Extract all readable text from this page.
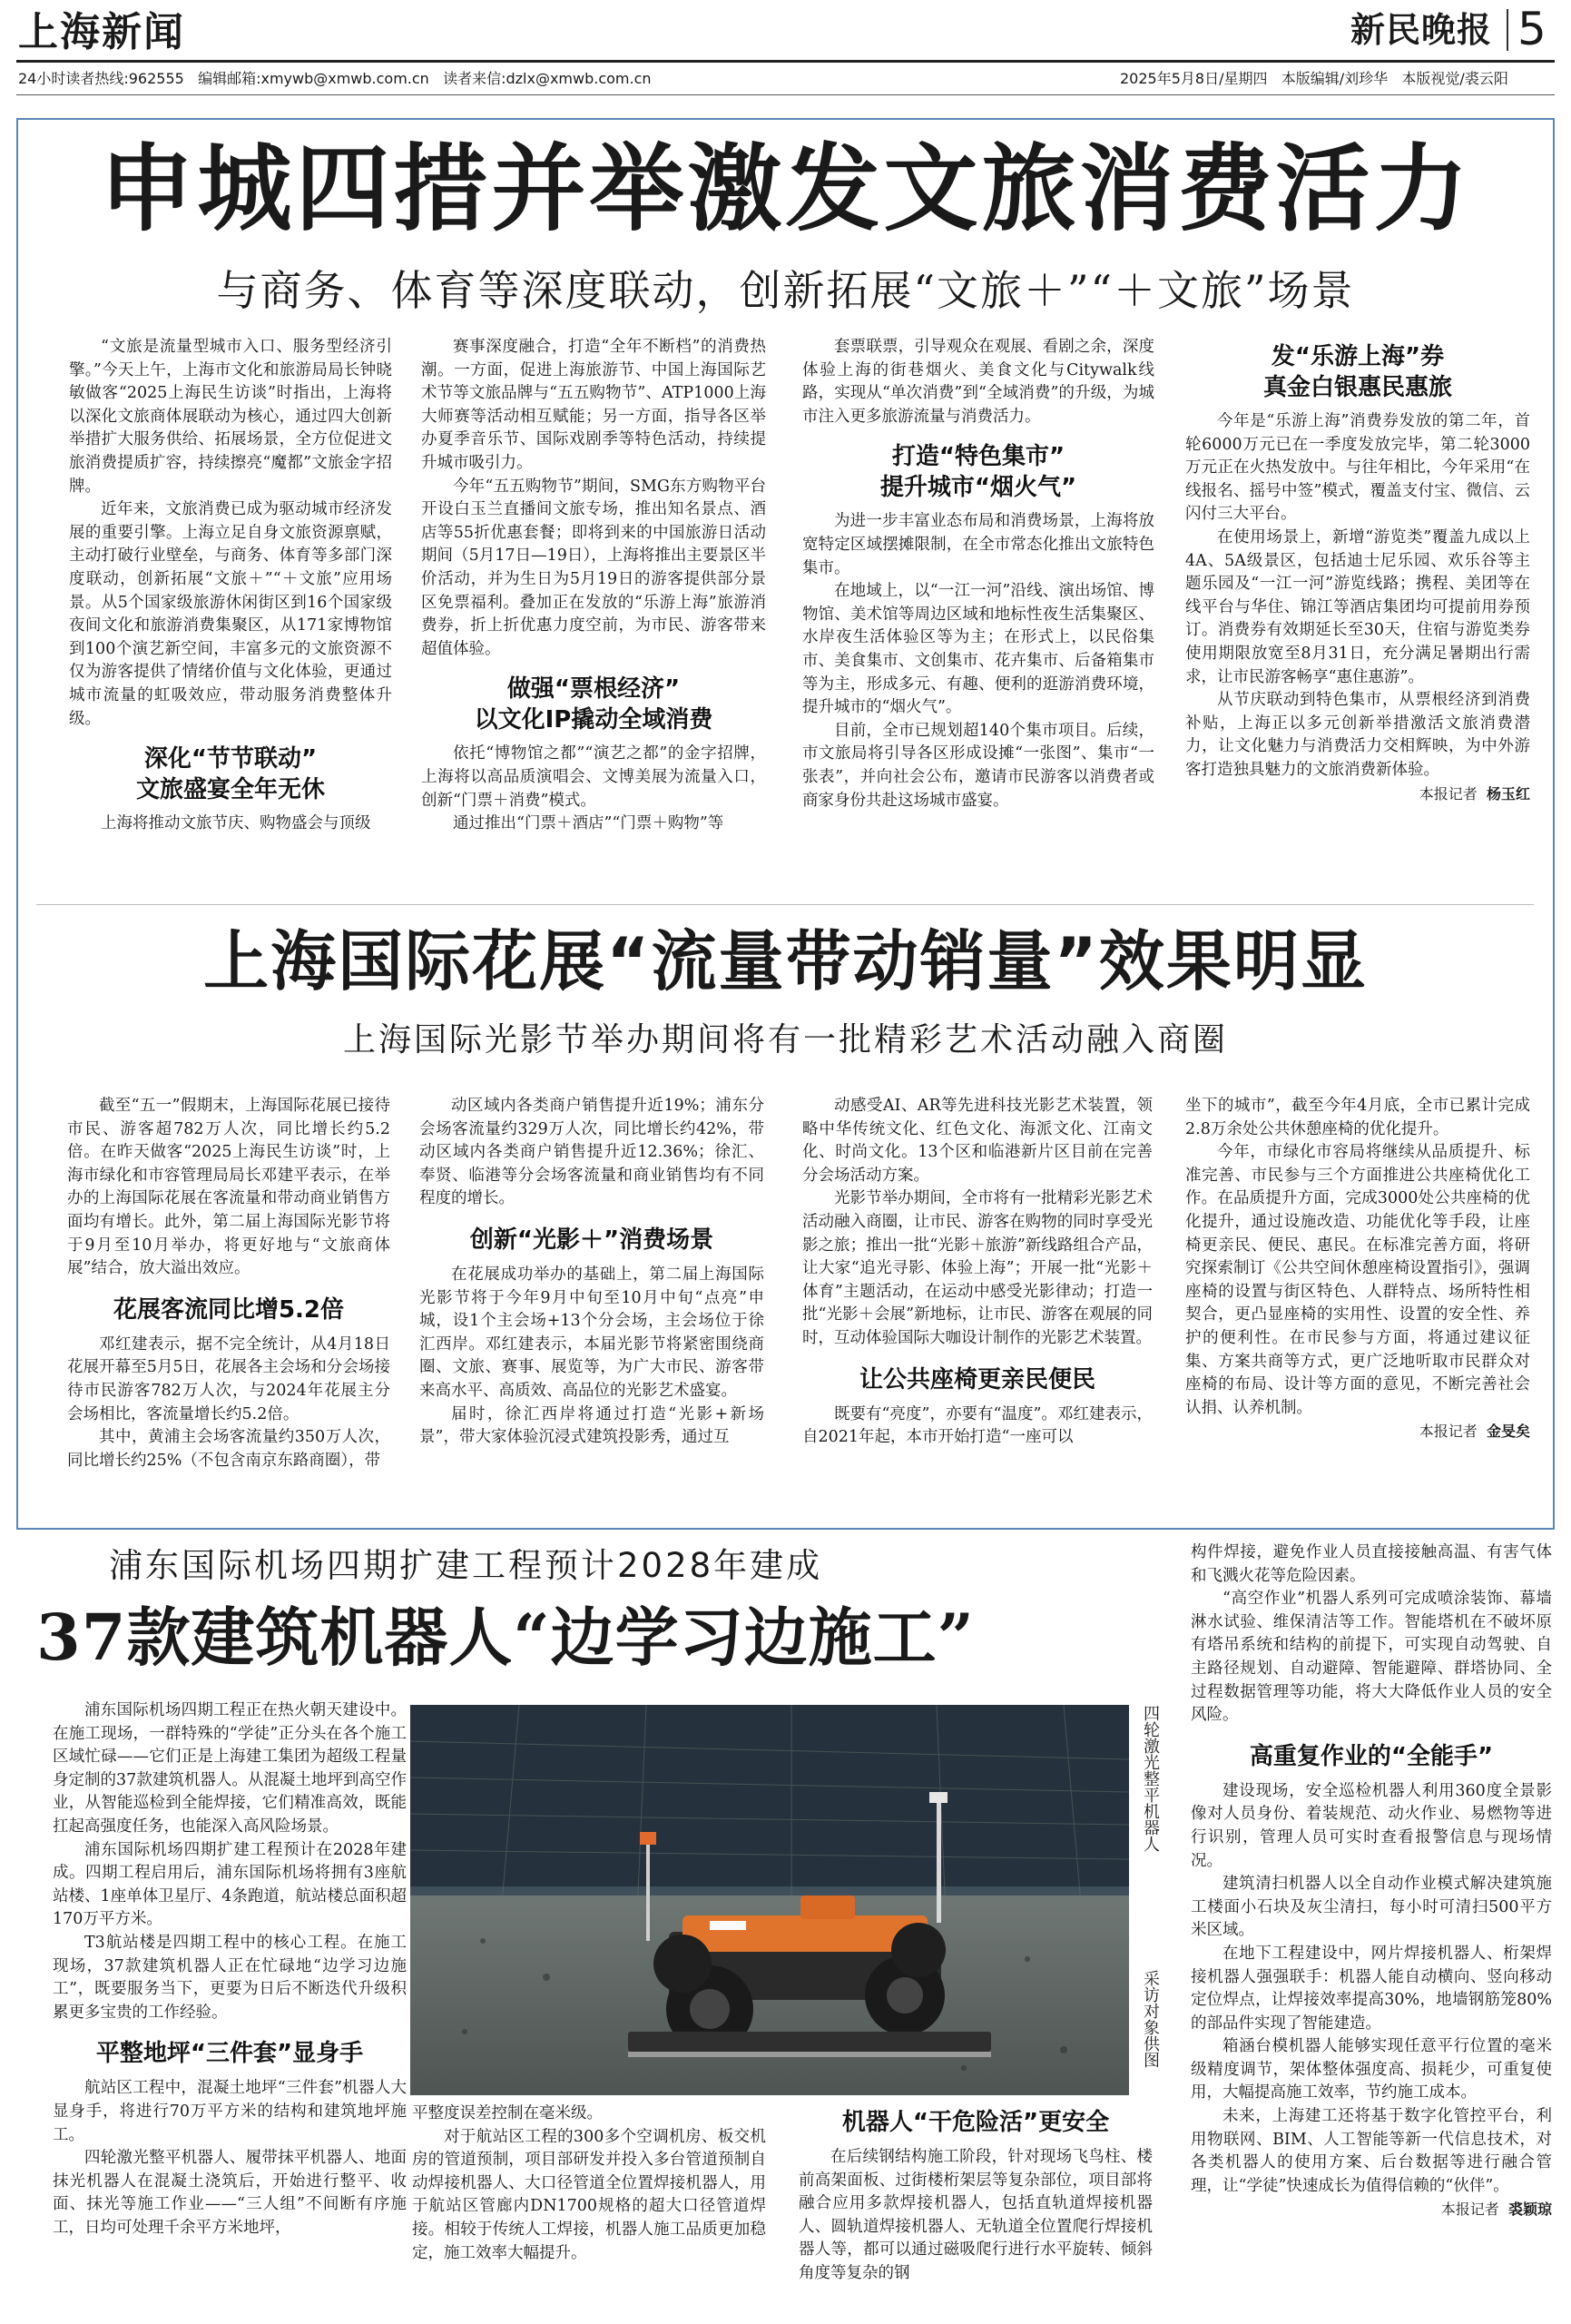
上海新闻	新民晚报 5
24小时读者热线:962555   编辑邮箱:xmywb@xmwb.com.cn   读者来信:dzlx@xmwb.com.cn	2025年5月8日/星期四 本版编辑/刘珍华 本版视觉/裘云阳
申城四措并举激发文旅消费活力
与商务、体育等深度联动，创新拓展“文旅＋”“＋文旅”场景

“文旅是流量型城市入口、服务型经济引擎。”今天上午，上海市文化和旅游局局长钟晓敏做客“2025上海民生访谈”时指出，上海将以深化文旅商体展联动为核心，通过四大创新举措扩大服务供给、拓展场景，全方位促进文旅消费提质扩容，持续擦亮“魔都”文旅金字招牌。

近年来，文旅消费已成为驱动城市经济发展的重要引擎。上海立足自身文旅资源禀赋，主动打破行业壁垒，与商务、体育等多部门深度联动，创新拓展“文旅＋”“＋文旅”应用场景。从5个国家级旅游休闲街区到16个国家级夜间文化和旅游消费集聚区，从171家博物馆到100个演艺新空间，丰富多元的文旅资源不仅为游客提供了情绪价值与文化体验，更通过城市流量的虹吸效应，带动服务消费整体升级。

深化“节节联动”
文旅盛宴全年无休

上海将推动文旅节庆、购物盛会与顶级

赛事深度融合，打造“全年不断档”的消费热潮。一方面，促进上海旅游节、中国上海国际艺术节等文旅品牌与“五五购物节”、ATP1000上海大师赛等活动相互赋能；另一方面，指导各区举办夏季音乐节、国际戏剧季等特色活动，持续提升城市吸引力。

今年“五五购物节”期间，SMG东方购物平台开设白玉兰直播间文旅专场，推出知名景点、酒店等55折优惠套餐；即将到来的中国旅游日活动期间（5月17日—19日），上海将推出主要景区半价活动，并为生日为5月19日的游客提供部分景区免票福利。叠加正在发放的“乐游上海”旅游消费券，折上折优惠力度空前，为市民、游客带来超值体验。

做强“票根经济”
以文化IP撬动全域消费

依托“博物馆之都”“演艺之都”的金字招牌，上海将以高品质演唱会、文博美展为流量入口，创新“门票＋消费”模式。

通过推出“门票＋酒店”“门票＋购物”等

套票联票，引导观众在观展、看剧之余，深度体验上海的街巷烟火、美食文化与Citywalk线路，实现从“单次消费”到“全域消费”的升级，为城市注入更多旅游流量与消费活力。

打造“特色集市”
提升城市“烟火气”

为进一步丰富业态布局和消费场景，上海将放宽特定区域摆摊限制，在全市常态化推出文旅特色集市。

在地域上，以“一江一河”沿线、演出场馆、博物馆、美术馆等周边区域和地标性夜生活集聚区、水岸夜生活体验区等为主；在形式上，以民俗集市、美食集市、文创集市、花卉集市、后备箱集市等为主，形成多元、有趣、便利的逛游消费环境，提升城市的“烟火气”。

目前，全市已规划超140个集市项目。后续，市文旅局将引导各区形成设摊“一张图”、集市“一张表”，并向社会公布，邀请市民游客以消费者或商家身份共赴这场城市盛宴。

发“乐游上海”券
真金白银惠民惠旅

今年是“乐游上海”消费券发放的第二年，首轮6000万元已在一季度发放完毕，第二轮3000万元正在火热发放中。与往年相比，今年采用“在线报名、摇号中签”模式，覆盖支付宝、微信、云闪付三大平台。

在使用场景上，新增“游览类”覆盖九成以上4A、5A级景区，包括迪士尼乐园、欢乐谷等主题乐园及“一江一河”游览线路；携程、美团等在线平台与华住、锦江等酒店集团均可提前用券预订。消费券有效期延长至30天，住宿与游览类券使用期限放宽至8月31日，充分满足暑期出行需求，让市民游客畅享“惠住惠游”。

从节庆联动到特色集市，从票根经济到消费补贴，上海正以多元创新举措激活文旅消费潜力，让文化魅力与消费活力交相辉映，为中外游客打造独具魅力的文旅消费新体验。

本报记者 杨玉红
上海国际花展“流量带动销量”效果明显
上海国际光影节举办期间将有一批精彩艺术活动融入商圈

截至“五一”假期末，上海国际花展已接待市民、游客超782万人次，同比增长约5.2倍。在昨天做客“2025上海民生访谈”时，上海市绿化和市容管理局局长邓建平表示，在举办的上海国际花展在客流量和带动商业销售方面均有增长。此外，第二届上海国际光影节将于9月至10月举办，将更好地与“文旅商体展”结合，放大溢出效应。

花展客流同比增5.2倍

邓红建表示，据不完全统计，从4月18日花展开幕至5月5日，花展各主会场和分会场接待市民游客782万人次，与2024年花展主分会场相比，客流量增长约5.2倍。

其中，黄浦主会场客流量约350万人次，同比增长约25%（不包含南京东路商圈），带

动区域内各类商户销售提升近19%；浦东分会场客流量约329万人次，同比增长约42%，带动区域内各类商户销售提升近12.36%；徐汇、奉贤、临港等分会场客流量和商业销售均有不同程度的增长。

创新“光影＋”消费场景

在花展成功举办的基础上，第二届上海国际光影节将于今年9月中旬至10月中旬“点亮”申城，设1个主会场+13个分会场，主会场位于徐汇西岸。邓红建表示，本届光影节将紧密围绕商圈、文旅、赛事、展览等，为广大市民、游客带来高水平、高质效、高品位的光影艺术盛宴。

届时，徐汇西岸将通过打造“光影+新场景”，带大家体验沉浸式建筑投影秀，通过互

动感受AI、AR等先进科技光影艺术装置，领略中华传统文化、红色文化、海派文化、江南文化、时尚文化。13个区和临港新片区目前在完善分会场活动方案。

光影节举办期间，全市将有一批精彩光影艺术活动融入商圈，让市民、游客在购物的同时享受光影之旅；推出一批“光影＋旅游”新线路组合产品，让大家“追光寻影、体验上海”；开展一批“光影＋体育”主题活动，在运动中感受光影律动；打造一批“光影＋会展”新地标，让市民、游客在观展的同时，互动体验国际大咖设计制作的光影艺术装置。

让公共座椅更亲民便民

既要有“亮度”，亦要有“温度”。邓红建表示，自2021年起，本市开始打造“一座可以

坐下的城市”，截至今年4月底，全市已累计完成2.8万余处公共休憩座椅的优化提升。

今年，市绿化市容局将继续从品质提升、标准完善、市民参与三个方面推进公共座椅优化工作。在品质提升方面，完成3000处公共座椅的优化提升，通过设施改造、功能优化等手段，让座椅更亲民、便民、惠民。在标准完善方面，将研究探索制订《公共空间休憩座椅设置指引》，强调座椅的设置与街区特色、人群特点、场所特性相契合，更凸显座椅的实用性、设置的安全性、养护的便利性。在市民参与方面，将通过建议征集、方案共商等方式，更广泛地听取市民群众对座椅的布局、设计等方面的意见，不断完善社会认捐、认养机制。

本报记者 金旻矣
浦东国际机场四期扩建工程预计2028年建成
37款建筑机器人“边学习边施工”

浦东国际机场四期工程正在热火朝天建设中。在施工现场，一群特殊的“学徒”正分头在各个施工区域忙碌——它们正是上海建工集团为超级工程量身定制的37款建筑机器人。从混凝土地坪到高空作业，从智能巡检到全能焊接，它们精准高效，既能扛起高强度任务，也能深入高风险场景。

浦东国际机场四期扩建工程预计在2028年建成。四期工程启用后，浦东国际机场将拥有3座航站楼、1座单体卫星厅、4条跑道，航站楼总面积超170万平方米。

T3航站楼是四期工程中的核心工程。在施工现场，37款建筑机器人正在忙碌地“边学习边施工”，既要服务当下，更要为日后不断迭代升级积累更多宝贵的工作经验。

平整地坪“三件套”显身手

航站区工程中，混凝土地坪“三件套”机器人大显身手，将进行70万平方米的结构和建筑地坪施工。

四轮激光整平机器人、履带抹平机器人、地面抹光机器人在混凝土浇筑后，开始进行整平、收面、抹光等施工作业——“三人组”不间断有序施工，日均可处理千余平方米地坪，

四轮激光整平机器人
采访对象供图

平整度误差控制在毫米级。

对于航站区工程的300多个空调机房、板交机房的管道预制，项目部研发并投入多台管道预制自动焊接机器人、大口径管道全位置焊接机器人，用于航站区管廊内DN1700规格的超大口径管道焊接。相较于传统人工焊接，机器人施工品质更加稳定，施工效率大幅提升。

机器人“干危险活”更安全

在后续钢结构施工阶段，针对现场飞鸟柱、楼前高架面板、过街楼桁架层等复杂部位，项目部将融合应用多款焊接机器人，包括直轨道焊接机器人、圆轨道焊接机器人、无轨道全位置爬行焊接机器人等，都可以通过磁吸爬行进行水平旋转、倾斜角度等复杂的钢

构件焊接，避免作业人员直接接触高温、有害气体和飞溅火花等危险因素。

“高空作业”机器人系列可完成喷涂装饰、幕墙淋水试验、维保清洁等工作。智能塔机在不破坏原有塔吊系统和结构的前提下，可实现自动驾驶、自主路径规划、自动避障、智能避障、群塔协同、全过程数据管理等功能，将大大降低作业人员的安全风险。

高重复作业的“全能手”

建设现场，安全巡检机器人利用360度全景影像对人员身份、着装规范、动火作业、易燃物等进行识别，管理人员可实时查看报警信息与现场情况。

建筑清扫机器人以全自动作业模式解决建筑施工楼面小石块及灰尘清扫，每小时可清扫500平方米区域。

在地下工程建设中，网片焊接机器人、桁架焊接机器人强强联手：机器人能自动横向、竖向移动定位焊点，让焊接效率提高30%，地墙钢筋笼80%的部品件实现了智能建造。

箱涵台模机器人能够实现任意平行位置的毫米级精度调节，架体整体强度高、损耗少，可重复使用，大幅提高施工效率，节约施工成本。

未来，上海建工还将基于数字化管控平台，利用物联网、BIM、人工智能等新一代信息技术，对各类机器人的使用方案、后台数据等进行融合管理，让“学徒”快速成长为值得信赖的“伙伴”。

本报记者 裘颖琼
